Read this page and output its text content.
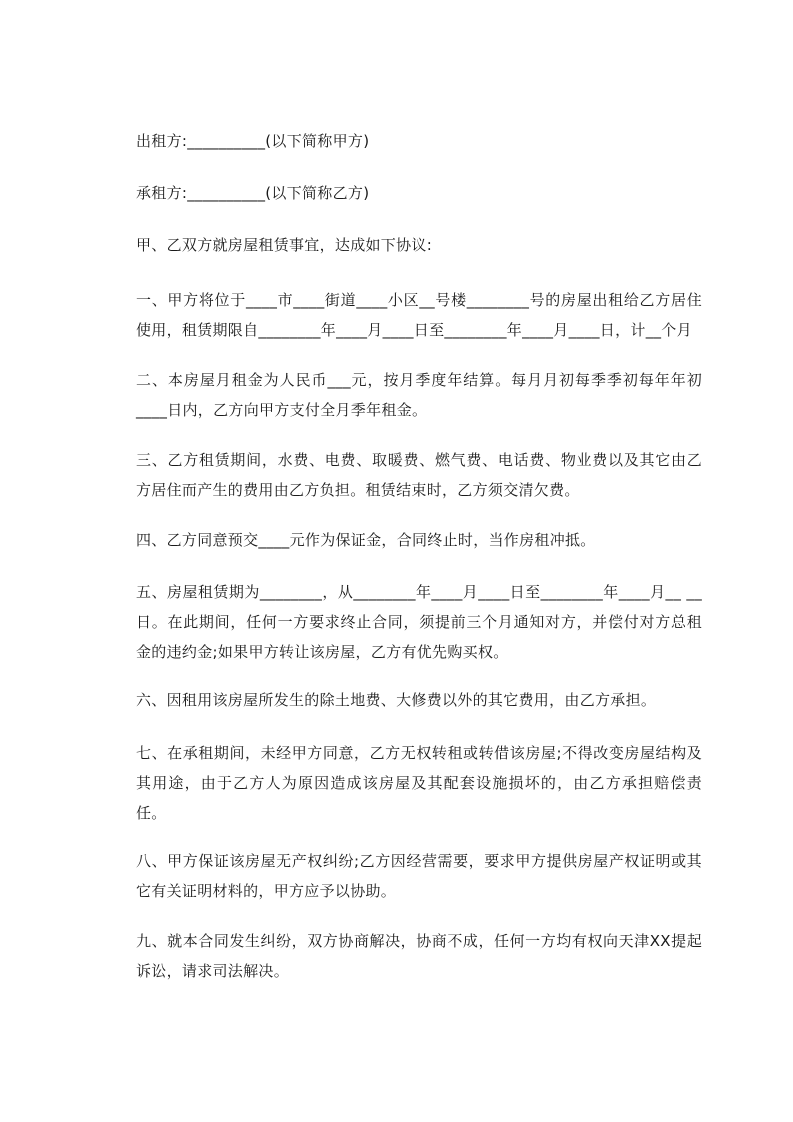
出租方:__________(以下简称甲方)

承租方:__________(以下简称乙方)

甲、乙双方就房屋租赁事宜，达成如下协议:

一、甲方将位于____市____街道____小区__号楼________号的房屋出租给乙方居住使用，租赁期限自________年____月____日至________年____月____日，计__个月

二、本房屋月租金为人民币___元，按月季度年结算。每月月初每季季初每年年初____日内，乙方向甲方支付全月季年租金。

三、乙方租赁期间，水费、电费、取暖费、燃气费、电话费、物业费以及其它由乙方居住而产生的费用由乙方负担。租赁结束时，乙方须交清欠费。

四、乙方同意预交____元作为保证金，合同终止时，当作房租冲抵。

五、房屋租赁期为________，从________年____月____日至________年____月__ __日。在此期间，任何一方要求终止合同，须提前三个月通知对方，并偿付对方总租金的违约金;如果甲方转让该房屋，乙方有优先购买权。

六、因租用该房屋所发生的除土地费、大修费以外的其它费用，由乙方承担。

七、在承租期间，未经甲方同意，乙方无权转租或转借该房屋;不得改变房屋结构及其用途，由于乙方人为原因造成该房屋及其配套设施损坏的，由乙方承担赔偿责任。

八、甲方保证该房屋无产权纠纷;乙方因经营需要，要求甲方提供房屋产权证明或其它有关证明材料的，甲方应予以协助。

九、就本合同发生纠纷，双方协商解决，协商不成，任何一方均有权向天津XX提起诉讼，请求司法解决。
